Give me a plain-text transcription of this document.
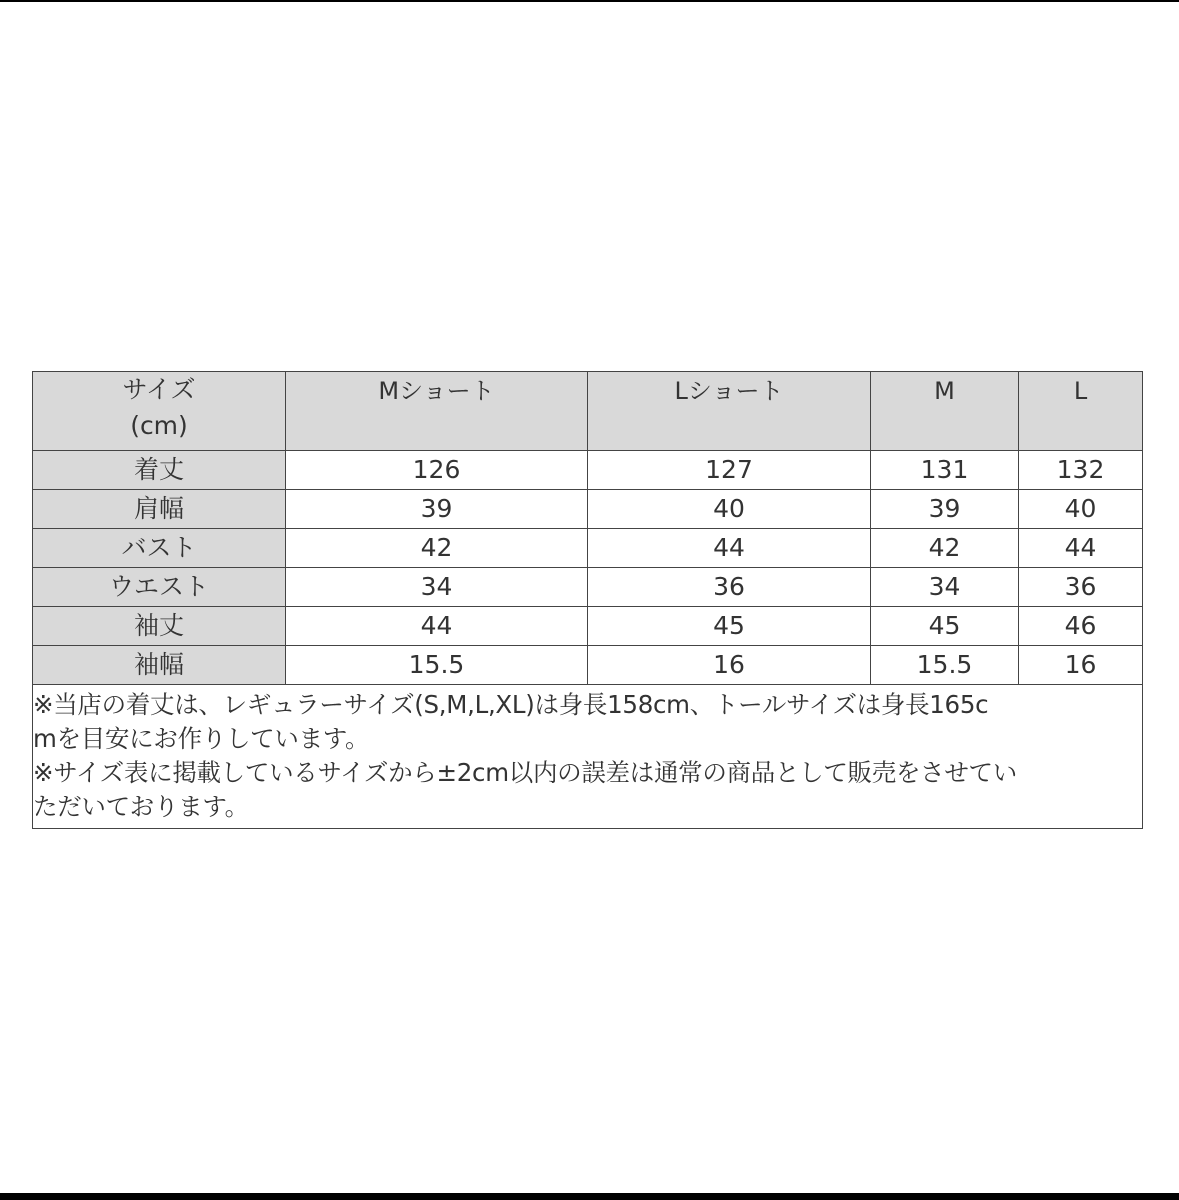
サイズ
(cm)	Mショート	Lショート	M	L
着丈	126	127	131	132
肩幅	39	40	39	40
バスト	42	44	42	44
ウエスト	34	36	34	36
袖丈	44	45	45	46
袖幅	15.5	16	15.5	16

※当店の着丈は、レギュラーサイズ(S,M,L,XL)は身長158cm、トールサイズは身長165c
mを目安にお作りしています。
※サイズ表に掲載しているサイズから±2cm以内の誤差は通常の商品として販売をさせてい
ただいております。				
